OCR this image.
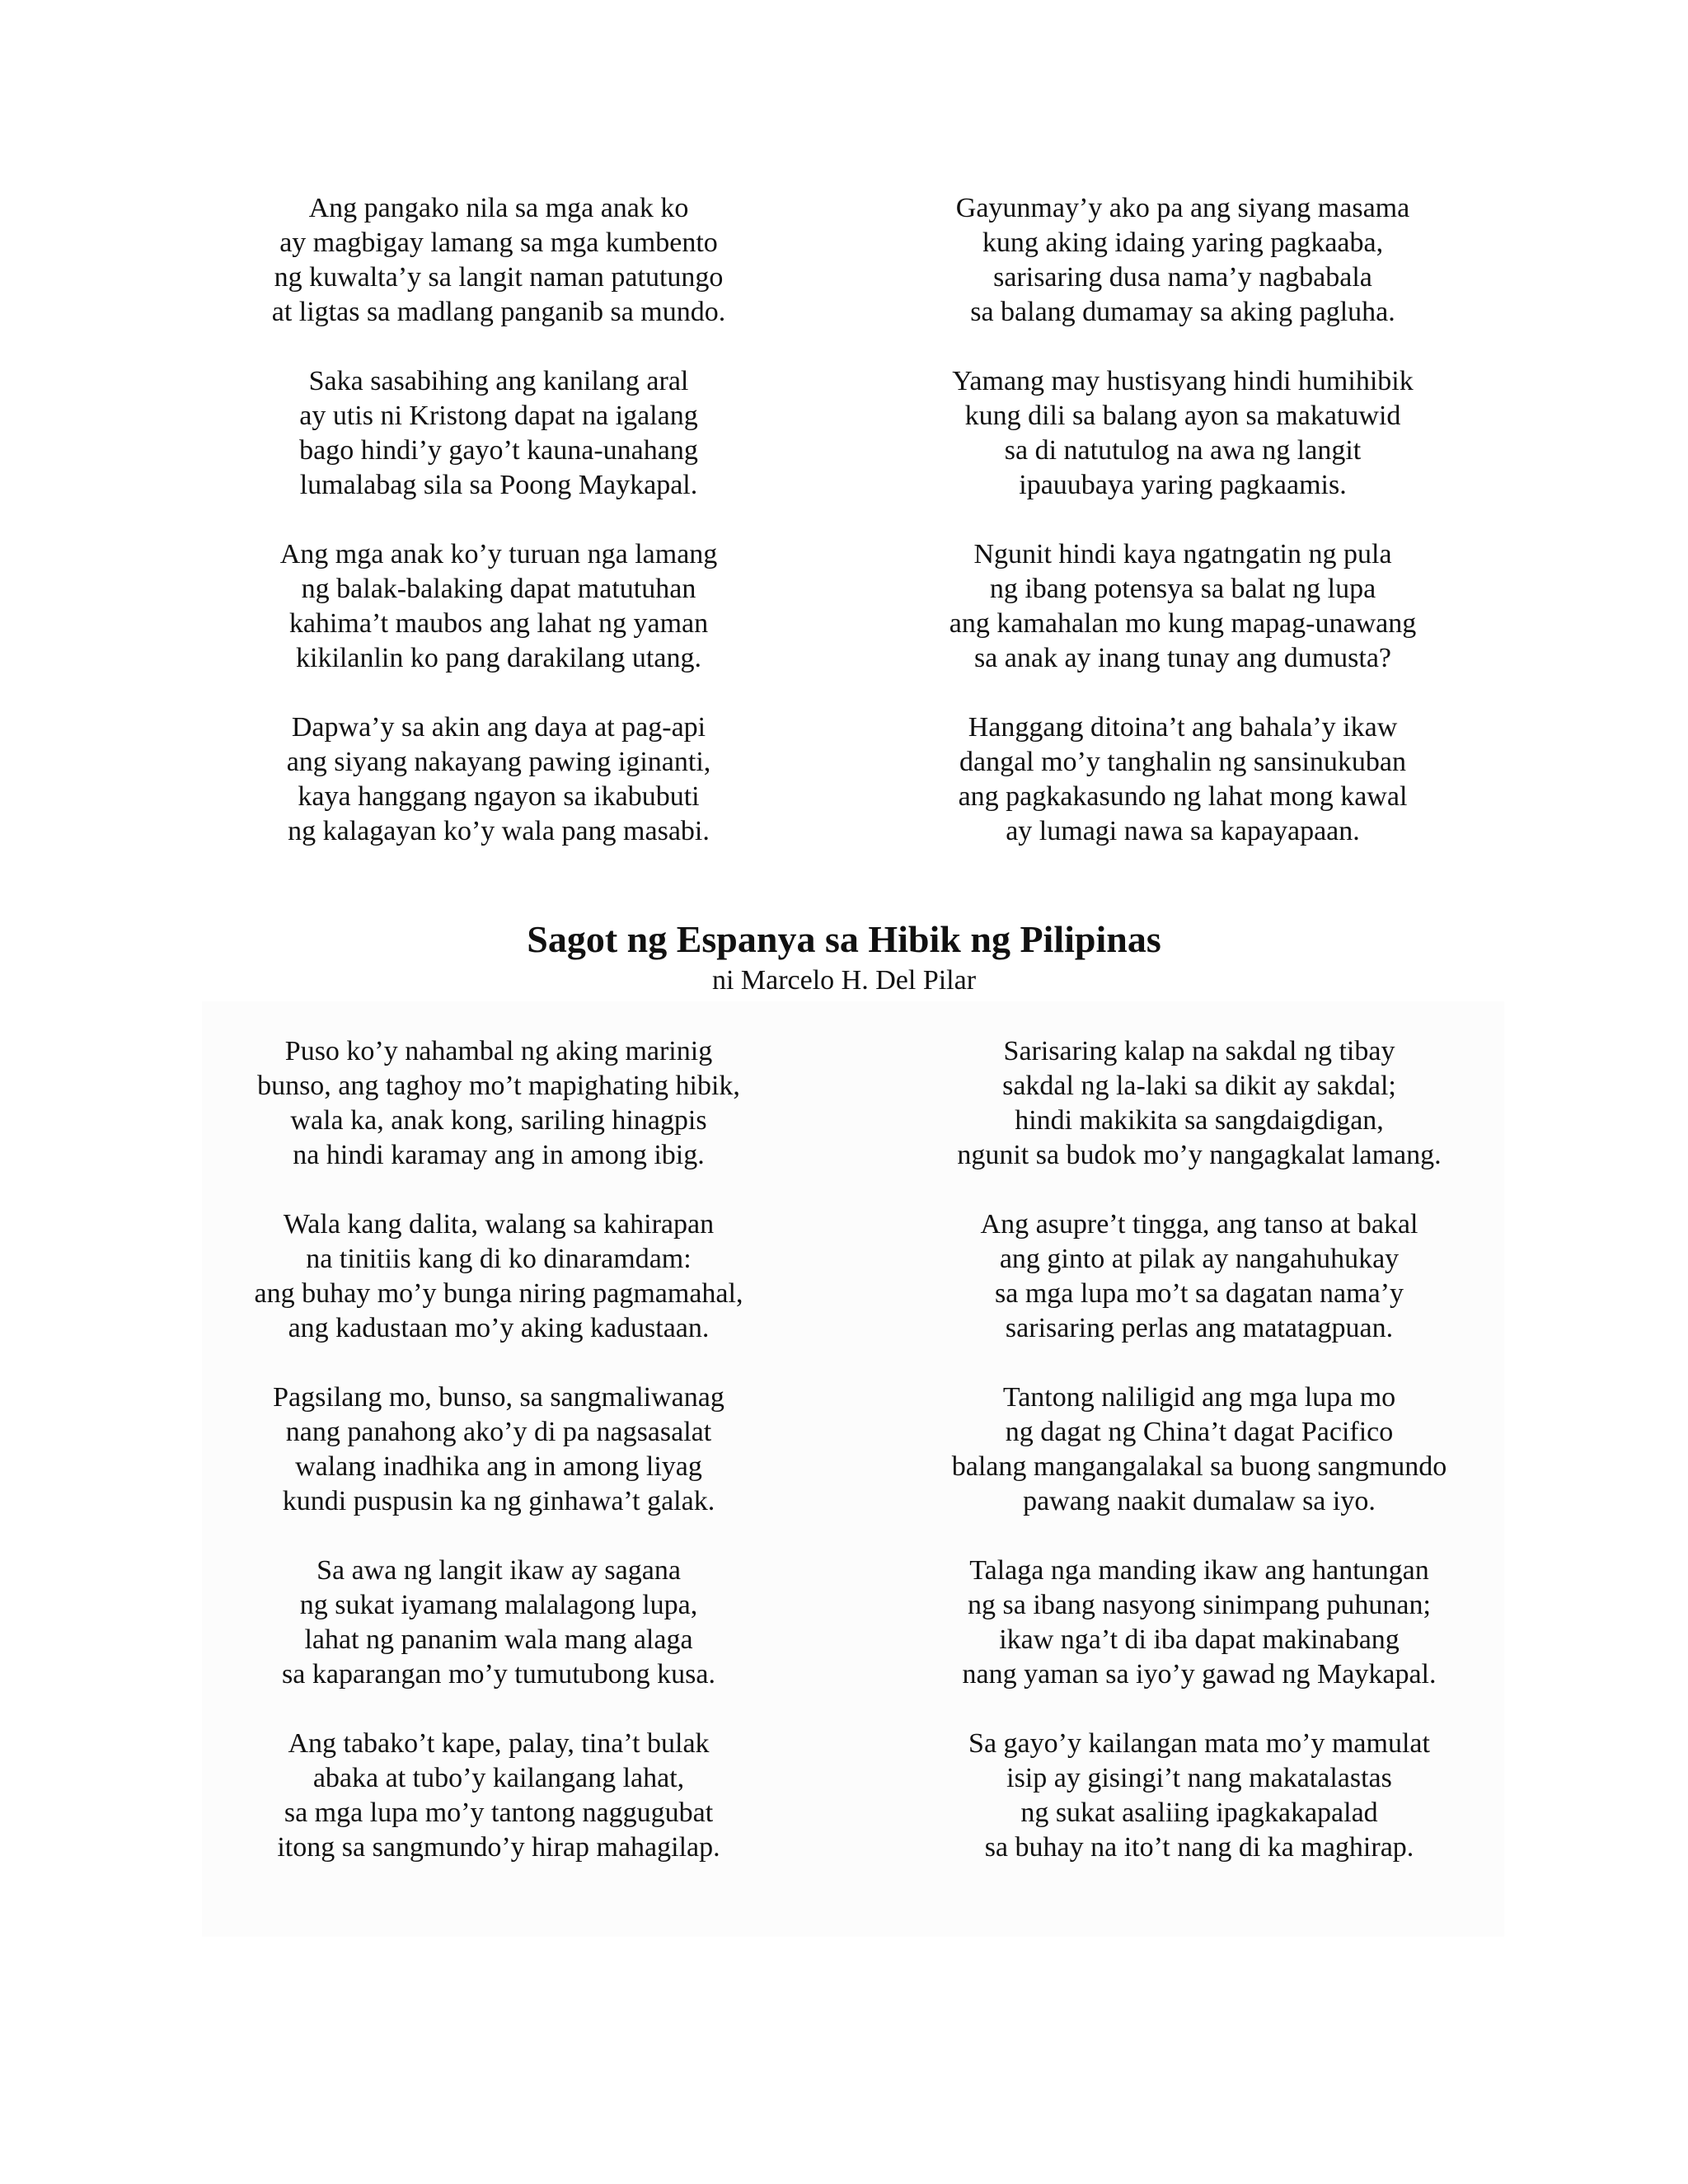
Ang pangako nila sa mga anak ko
ay magbigay lamang sa mga kumbento
ng kuwalta’y sa langit naman patutungo
at ligtas sa madlang panganib sa mundo.
Saka sasabihing ang kanilang aral
ay utis ni Kristong dapat na igalang
bago hindi’y gayo’t kauna-unahang
lumalabag sila sa Poong Maykapal.
Ang mga anak ko’y turuan nga lamang
ng balak-balaking dapat matutuhan
kahima’t maubos ang lahat ng yaman
kikilanlin ko pang darakilang utang.
Dapwa’y sa akin ang daya at pag-api
ang siyang nakayang pawing iginanti,
kaya hanggang ngayon sa ikabubuti
ng kalagayan ko’y wala pang masabi.
Gayunmay’y ako pa ang siyang masama
kung aking idaing yaring pagkaaba,
sarisaring dusa nama’y nagbabala
sa balang dumamay sa aking pagluha.
Yamang may hustisyang hindi humihibik
kung dili sa balang ayon sa makatuwid
sa di natutulog na awa ng langit
ipauubaya yaring pagkaamis.
Ngunit hindi kaya ngatngatin ng pula
ng ibang potensya sa balat ng lupa
ang kamahalan mo kung mapag-unawang
sa anak ay inang tunay ang dumusta?
Hanggang ditoina’t ang bahala’y ikaw
dangal mo’y tanghalin ng sansinukuban
ang pagkakasundo ng lahat mong kawal
ay lumagi nawa sa kapayapaan.

Sagot ng Espanya sa Hibik ng Pilipinas

ni Marcelo H. Del Pilar

Puso ko’y nahambal ng aking marinig
bunso, ang taghoy mo’t mapighating hibik,
wala ka, anak kong, sariling hinagpis
na hindi karamay ang in among ibig.
Wala kang dalita, walang sa kahirapan
na tinitiis kang di ko dinaramdam:
ang buhay mo’y bunga niring pagmamahal,
ang kadustaan mo’y aking kadustaan.
Pagsilang mo, bunso, sa sangmaliwanag
nang panahong ako’y di pa nagsasalat
walang inadhika ang in among liyag
kundi puspusin ka ng ginhawa’t galak.
Sa awa ng langit ikaw ay sagana
ng sukat iyamang malalagong lupa,
lahat ng pananim wala mang alaga
sa kaparangan mo’y tumutubong kusa.
Ang tabako’t kape, palay, tina’t bulak
abaka at tubo’y kailangang lahat,
sa mga lupa mo’y tantong naggugubat
itong sa sangmundo’y hirap mahagilap.
Sarisaring kalap na sakdal ng tibay
sakdal ng la-laki sa dikit ay sakdal;
hindi makikita sa sangdaigdigan,
ngunit sa budok mo’y nangagkalat lamang.
Ang asupre’t tingga, ang tanso at bakal
ang ginto at pilak ay nangahuhukay
sa mga lupa mo’t sa dagatan nama’y
sarisaring perlas ang matatagpuan.
Tantong naliligid ang mga lupa mo
ng dagat ng China’t dagat Pacifico
balang mangangalakal sa buong sangmundo
pawang naakit dumalaw sa iyo.
Talaga nga manding ikaw ang hantungan
ng sa ibang nasyong sinimpang puhunan;
ikaw nga’t di iba dapat makinabang
nang yaman sa iyo’y gawad ng Maykapal.
Sa gayo’y kailangan mata mo’y mamulat
isip ay gisingi’t nang makatalastas
ng sukat asaliing ipagkakapalad
sa buhay na ito’t nang di ka maghirap.
